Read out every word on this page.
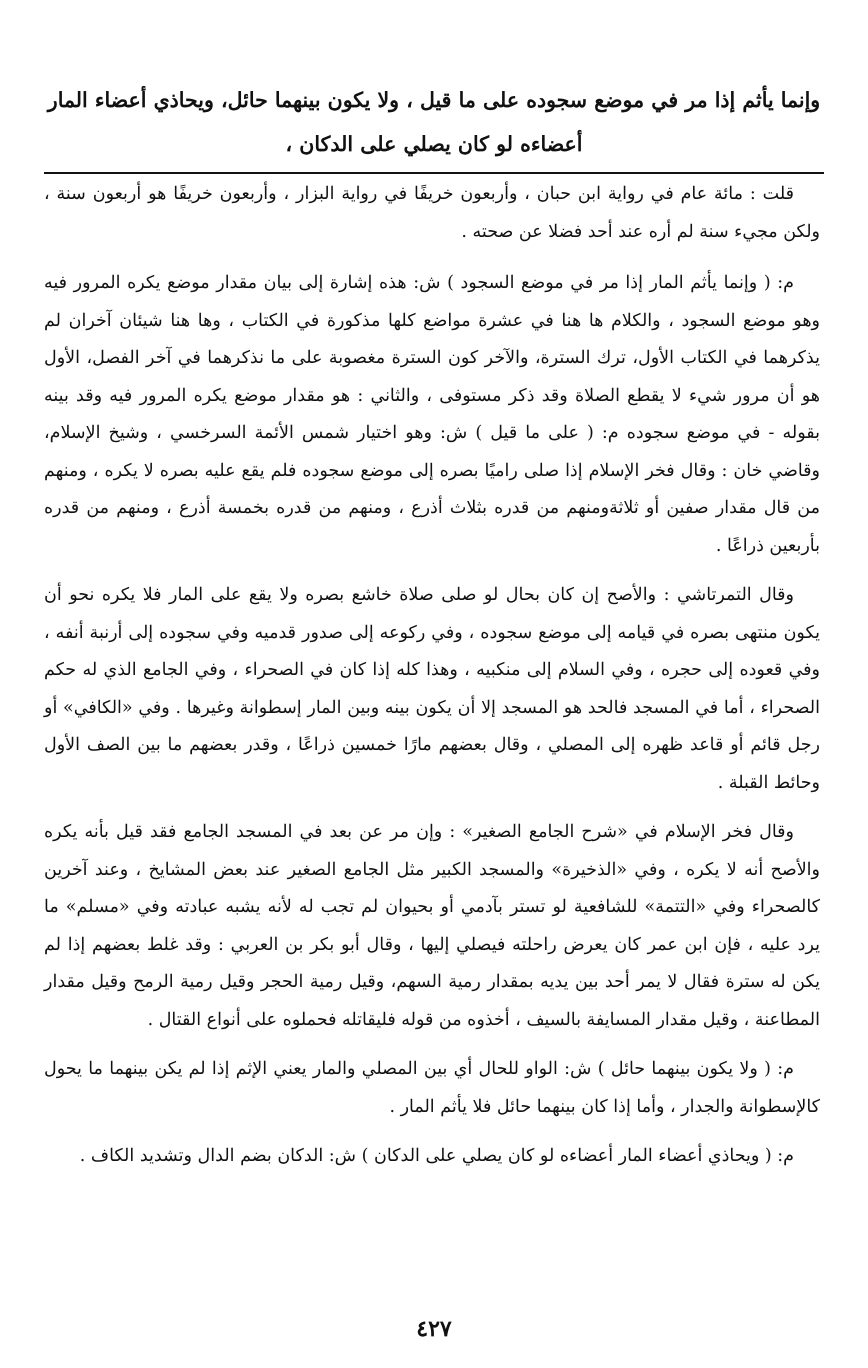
وإنما يأثم إذا مر في موضع سجوده على ما قيل ، ولا يكون بينهما حائل، ويحاذي أعضاء المار أعضاءه لو كان يصلي على الدكان ،

قلت : مائة عام في رواية ابن حبان ، وأربعون خريفًا في رواية البزار ، وأربعون خريفًا هو أربعون سنة ، ولكن مجيء سنة لم أره عند أحد فضلا عن صحته .

م: ( وإنما يأثم المار إذا مر في موضع السجود ) ش: هذه إشارة إلى بيان مقدار موضع يكره المرور فيه وهو موضع السجود ، والكلام ها هنا في عشرة مواضع كلها مذكورة في الكتاب ، وها هنا شيئان آخران لم يذكرهما في الكتاب الأول، ترك السترة، والآخر كون السترة مغصوبة على ما نذكرهما في آخر الفصل، الأول هو أن مرور شيء لا يقطع الصلاة وقد ذكر مستوفى ، والثاني : هو مقدار موضع يكره المرور فيه وقد بينه بقوله - في موضع سجوده م: ( على ما قيل ) ش: وهو اختيار شمس الأئمة السرخسي ، وشيخ الإسلام، وقاضي خان : وقال فخر الإسلام إذا صلى راميًا بصره إلى موضع سجوده فلم يقع عليه بصره لا يكره ، ومنهم من قال مقدار صفين أو ثلاثةومنهم من قدره بثلاث أذرع ، ومنهم من قدره بخمسة أذرع ، ومنهم من قدره بأربعين ذراعًا .

وقال التمرتاشي : والأصح إن كان بحال لو صلى صلاة خاشع بصره ولا يقع على المار فلا يكره نحو أن يكون منتهى بصره في قيامه إلى موضع سجوده ، وفي ركوعه إلى صدور قدميه وفي سجوده إلى أرنبة أنفه ، وفي قعوده إلى حجره ، وفي السلام إلى منكبيه ، وهذا كله إذا كان في الصحراء ، وفي الجامع الذي له حكم الصحراء ، أما في المسجد فالحد هو المسجد إلا أن يكون بينه وبين المار إسطوانة وغيرها . وفي «الكافي» أو رجل قائم أو قاعد ظهره إلى المصلي ، وقال بعضهم مارًا خمسين ذراعًا ، وقدر بعضهم ما بين الصف الأول وحائط القبلة .

وقال فخر الإسلام في «شرح الجامع الصغير» : وإن مر عن بعد في المسجد الجامع فقد قيل بأنه يكره والأصح أنه لا يكره ، وفي «الذخيرة» والمسجد الكبير مثل الجامع الصغير عند بعض المشايخ ، وعند آخرين كالصحراء وفي «التتمة» للشافعية لو تستر بآدمي أو بحيوان لم تجب له لأنه يشبه عبادته وفي «مسلم» ما يرد عليه ، فإن ابن عمر كان يعرض راحلته فيصلي إليها ، وقال أبو بكر بن العربي : وقد غلط بعضهم إذا لم يكن له سترة فقال لا يمر أحد بين يديه بمقدار رمية السهم، وقيل رمية الحجر وقيل رمية الرمح وقيل مقدار المطاعنة ، وقيل مقدار المسايفة بالسيف ، أخذوه من قوله فليقاتله فحملوه على أنواع القتال .

م: ( ولا يكون بينهما حائل ) ش: الواو للحال أي بين المصلي والمار يعني الإثم إذا لم يكن بينهما ما يحول كالإسطوانة والجدار ، وأما إذا كان بينهما حائل فلا يأثم المار .

م: ( ويحاذي أعضاء المار أعضاءه لو كان يصلي على الدكان ) ش: الدكان بضم الدال وتشديد الكاف .

٤٢٧
